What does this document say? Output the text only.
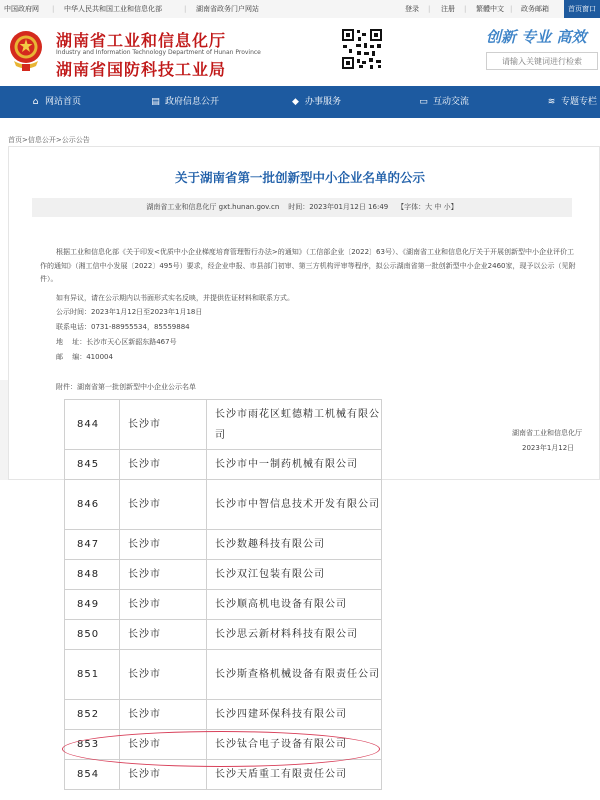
中国政府网 | 中华人民共和国工业和信息化部	| 湖南省政务门户网站	登录 | 注册 | 繁體中文 | 政务邮箱	首页窗口
湖南省工业和信息化厅
Industry and Information Technology Department of Hunan Province
湖南省国防科技工业局
创新 专业 高效
请输入关键词进行检索
⌂ 网站首页	▤ 政府信息公开	◆ 办事服务	▭ 互动交流	≋ 专题专栏
首页>信息公开>公示公告
关于湖南省第一批创新型中小企业名单的公示
湖南省工业和信息化厅 gxt.hunan.gov.cn 时间：2023年01月12日 16:49 【字体：大 中 小】
根据工业和信息化部《关于印发<优质中小企业梯度培育管理暂行办法>的通知》（工信部企业〔2022〕63号）、《湖南省工业和信息化厅关于开展创新型中小企业评价工作的通知》（湘工信中小发展〔2022〕495号）要求，经企业申报、市县部门初审、第三方机构评审等程序，拟公示湖南省第一批创新型中小企业2460家，现予以公示（见附件）。
如有异议，请在公示期内以书面形式实名反映，并提供佐证材料和联系方式。
公示时间：2023年1月12日至2023年1月18日
联系电话：0731-88955534，85559884
地　 址：长沙市天心区新韶东路467号
邮　 编：410004
附件：湖南省第一批创新型中小企业公示名单
湖南省工业和信息化厅
2023年1月12日
844	长沙市	长沙市雨花区虹德精工机械有限公司
845	长沙市	长沙市中一制药机械有限公司
846	长沙市	长沙市中智信息技术开发有限公司
847	长沙市	长沙数趣科技有限公司
848	长沙市	长沙双江包装有限公司
849	长沙市	长沙顺高机电设备有限公司
850	长沙市	长沙思云新材料科技有限公司
851	长沙市	长沙斯查格机械设备有限责任公司
852	长沙市	长沙四建环保科技有限公司
853	长沙市	长沙钛合电子设备有限公司
854	长沙市	长沙天盾重工有限责任公司
